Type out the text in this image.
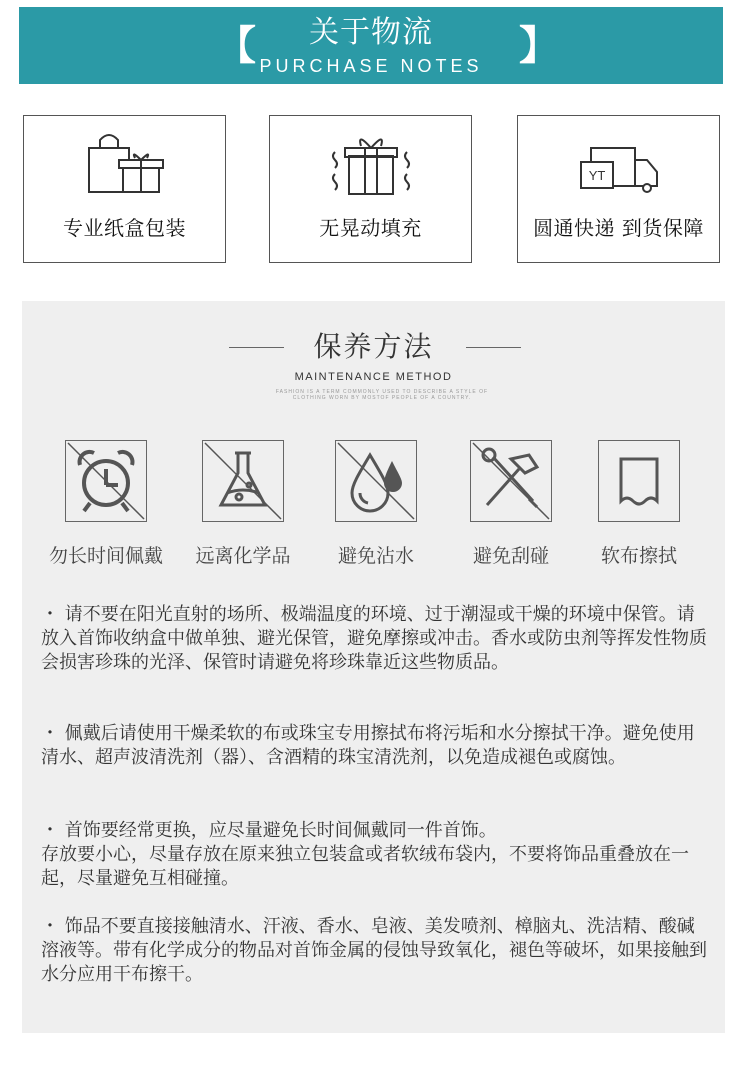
【	关于物流
PURCHASE NOTES 】
专业纸盒包装	无晃动填充
YT
圆通快递 到货保障
保养方法
MAINTENANCE METHOD
FASHION IS A TERM COMMONLY USED TO DESCRIBE A STYLE OF CLOTHING WORN BY MOSTOF PEOPLE OF A COUNTRY.
勿长时间佩戴	远离化学品	避免沾水	避免刮碰	软布擦拭

・ 请不要在阳光直射的场所、极端温度的环境、过于潮湿或干燥的环境中保管。请放入首饰收纳盒中做单独、避光保管，避免摩擦或冲击。香水或防虫剂等挥发性物质会损害珍珠的光泽、保管时请避免将珍珠靠近这些物质品。

・ 佩戴后请使用干燥柔软的布或珠宝专用擦拭布将污垢和水分擦拭干净。避免使用清水、超声波清洗剂（器）、含酒精的珠宝清洗剂，以免造成褪色或腐蚀。

・ 首饰要经常更换，应尽量避免长时间佩戴同一件首饰。
存放要小心，尽量存放在原来独立包装盒或者软绒布袋内，不要将饰品重叠放在一起，尽量避免互相碰撞。

・ 饰品不要直接接触清水、汗液、香水、皂液、美发喷剂、樟脑丸、洗洁精、酸碱溶液等。带有化学成分的物品对首饰金属的侵蚀导致氧化，褪色等破坏，如果接触到水分应用干布擦干。
